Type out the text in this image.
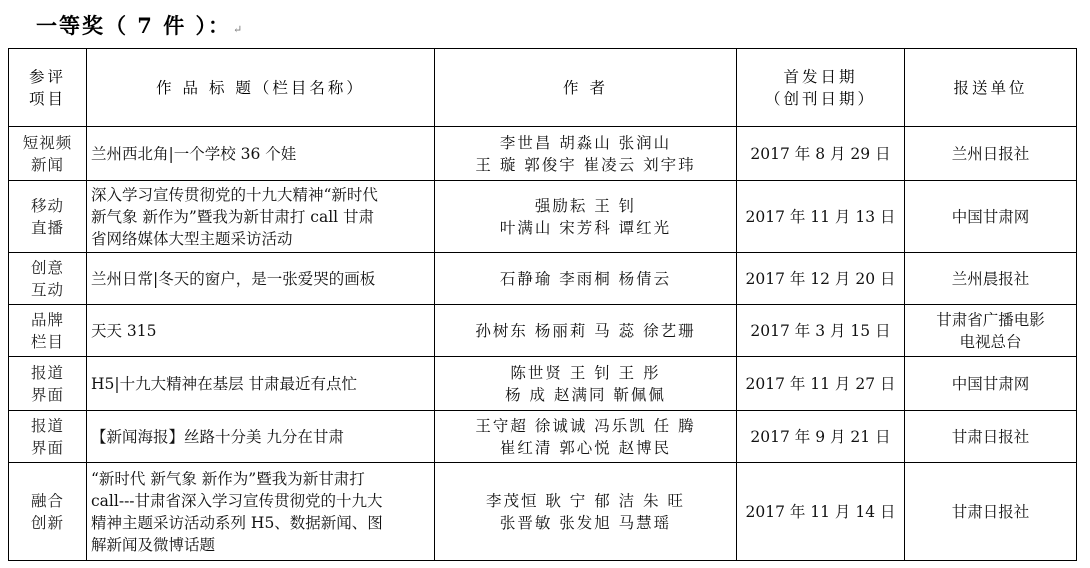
一等奖（ 7 件 ）： ↵
参评
项目	作 品 标 题（栏目名称）	作 者	首发日期
（创刊日期）	报送单位

短视频
新闻	兰州西北角|一个学校 36 个娃	李世昌 胡淼山 张润山
王 璇 郭俊宇 崔凌云 刘宇玮	2017 年 8 月 29 日	兰州日报社

移动
直播	深入学习宣传贯彻党的十九大精神“新时代
新气象 新作为”暨我为新甘肃打 call 甘肃
省网络媒体大型主题采访活动	强励耘 王 钊
叶满山 宋芳科 谭红光	2017 年 11 月 13 日	中国甘肃网

创意
互动	兰州日常|冬天的窗户，是一张爱哭的画板	石静瑜 李雨桐 杨倩云	2017 年 12 月 20 日	兰州晨报社

品牌
栏目	天天 315	孙树东 杨丽莉 马 蕊 徐艺珊	2017 年 3 月 15 日	甘肃省广播电影
电视总台

报道
界面	H5|十九大精神在基层 甘肃最近有点忙	陈世贤 王 钊 王 彤
杨 成 赵满同 靳佩佩	2017 年 11 月 27 日	中国甘肃网

报道
界面	【新闻海报】丝路十分美 九分在甘肃	王守超 徐诚诚 冯乐凯 任 腾
崔红清 郭心悦 赵博民	2017 年 9 月 21 日	甘肃日报社

融合
创新	“新时代 新气象 新作为”暨我为新甘肃打
call---甘肃省深入学习宣传贯彻党的十九大
精神主题采访活动系列 H5、数据新闻、图
解新闻及微博话题	李茂恒 耿 宁 郁 洁 朱 旺
张晋敏 张发旭 马慧瑶	2017 年 11 月 14 日	甘肃日报社
